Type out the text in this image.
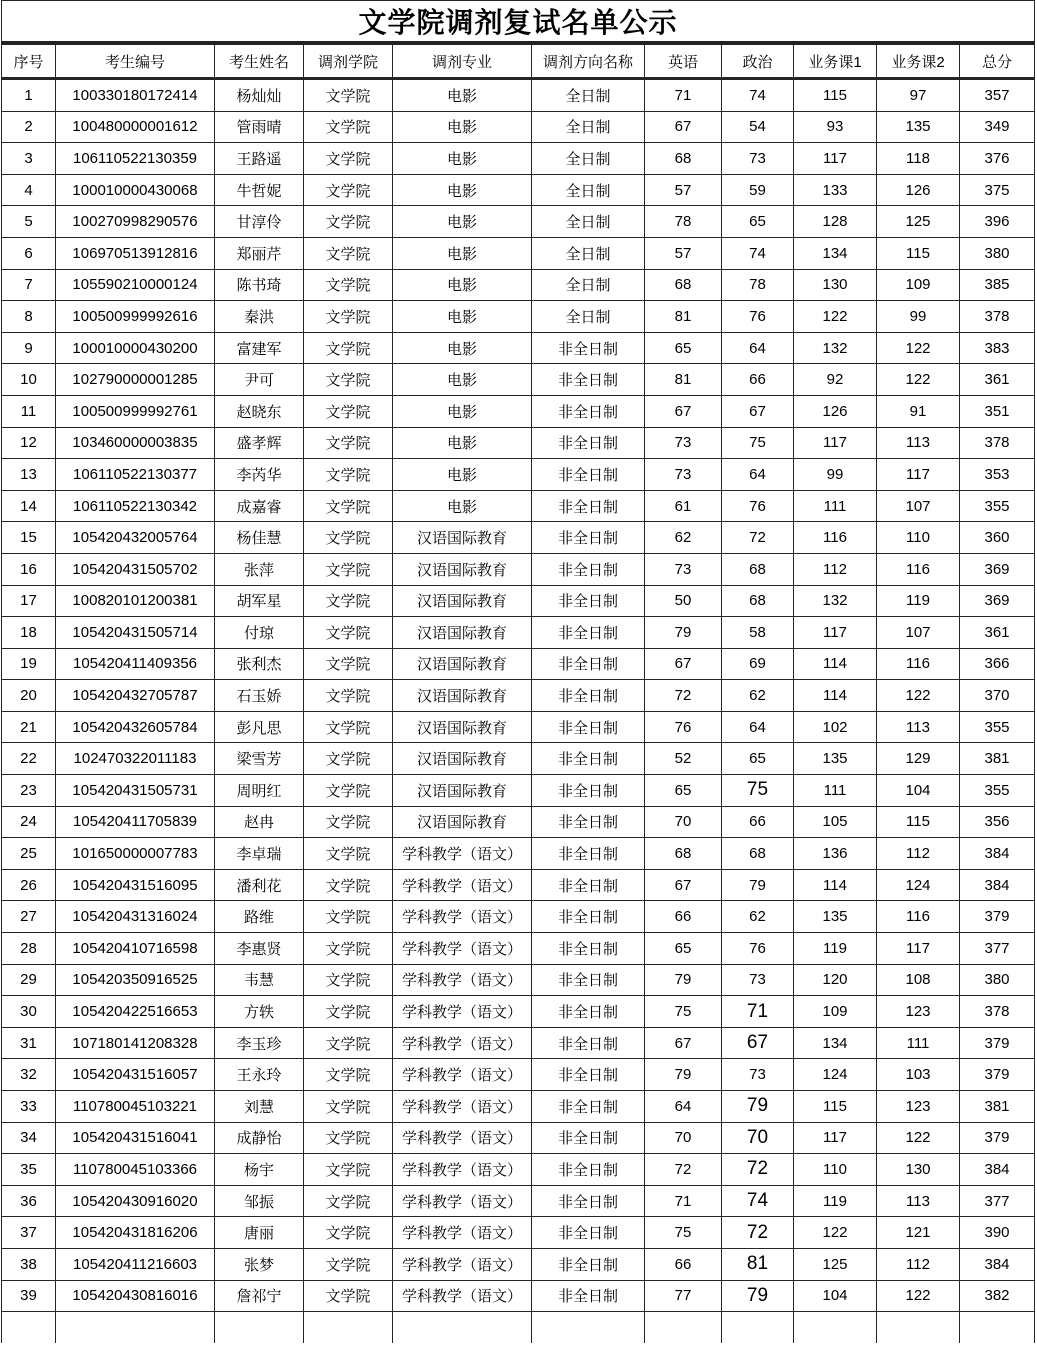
文学院调剂复试名单公示										
序号	考生编号	考生姓名	调剂学院	调剂专业	调剂方向名称	英语	政治	业务课1	业务课2	总分
1	100330180172414	杨灿灿	文学院	电影	全日制	71	74	115	97	357
2	100480000001612	管雨晴	文学院	电影	全日制	67	54	93	135	349
3	106110522130359	王路遥	文学院	电影	全日制	68	73	117	118	376
4	100010000430068	牛哲妮	文学院	电影	全日制	57	59	133	126	375
5	100270998290576	甘淳伶	文学院	电影	全日制	78	65	128	125	396
6	106970513912816	郑丽芹	文学院	电影	全日制	57	74	134	115	380
7	105590210000124	陈书琦	文学院	电影	全日制	68	78	130	109	385
8	100500999992616	秦洪	文学院	电影	全日制	81	76	122	99	378
9	100010000430200	富建军	文学院	电影	非全日制	65	64	132	122	383
10	102790000001285	尹可	文学院	电影	非全日制	81	66	92	122	361
11	100500999992761	赵晓东	文学院	电影	非全日制	67	67	126	91	351
12	103460000003835	盛孝辉	文学院	电影	非全日制	73	75	117	113	378
13	106110522130377	李芮华	文学院	电影	非全日制	73	64	99	117	353
14	106110522130342	成嘉睿	文学院	电影	非全日制	61	76	111	107	355
15	105420432005764	杨佳慧	文学院	汉语国际教育	非全日制	62	72	116	110	360
16	105420431505702	张萍	文学院	汉语国际教育	非全日制	73	68	112	116	369
17	100820101200381	胡军星	文学院	汉语国际教育	非全日制	50	68	132	119	369
18	105420431505714	付琼	文学院	汉语国际教育	非全日制	79	58	117	107	361
19	105420411409356	张利杰	文学院	汉语国际教育	非全日制	67	69	114	116	366
20	105420432705787	石玉娇	文学院	汉语国际教育	非全日制	72	62	114	122	370
21	105420432605784	彭凡思	文学院	汉语国际教育	非全日制	76	64	102	113	355
22	102470322011183	梁雪芳	文学院	汉语国际教育	非全日制	52	65	135	129	381
23	105420431505731	周明红	文学院	汉语国际教育	非全日制	65	75	111	104	355
24	105420411705839	赵冉	文学院	汉语国际教育	非全日制	70	66	105	115	356
25	101650000007783	李卓瑞	文学院	学科教学（语文）	非全日制	68	68	136	112	384
26	105420431516095	潘利花	文学院	学科教学（语文）	非全日制	67	79	114	124	384
27	105420431316024	路维	文学院	学科教学（语文）	非全日制	66	62	135	116	379
28	105420410716598	李惠贤	文学院	学科教学（语文）	非全日制	65	76	119	117	377
29	105420350916525	韦慧	文学院	学科教学（语文）	非全日制	79	73	120	108	380
30	105420422516653	方轶	文学院	学科教学（语文）	非全日制	75	71	109	123	378
31	107180141208328	李玉珍	文学院	学科教学（语文）	非全日制	67	67	134	111	379
32	105420431516057	王永玲	文学院	学科教学（语文）	非全日制	79	73	124	103	379
33	110780045103221	刘慧	文学院	学科教学（语文）	非全日制	64	79	115	123	381
34	105420431516041	成静怡	文学院	学科教学（语文）	非全日制	70	70	117	122	379
35	110780045103366	杨宇	文学院	学科教学（语文）	非全日制	72	72	110	130	384
36	105420430916020	邹振	文学院	学科教学（语文）	非全日制	71	74	119	113	377
37	105420431816206	唐丽	文学院	学科教学（语文）	非全日制	75	72	122	121	390
38	105420411216603	张梦	文学院	学科教学（语文）	非全日制	66	81	125	112	384
39	105420430816016	詹祁宁	文学院	学科教学（语文）	非全日制	77	79	104	122	382
